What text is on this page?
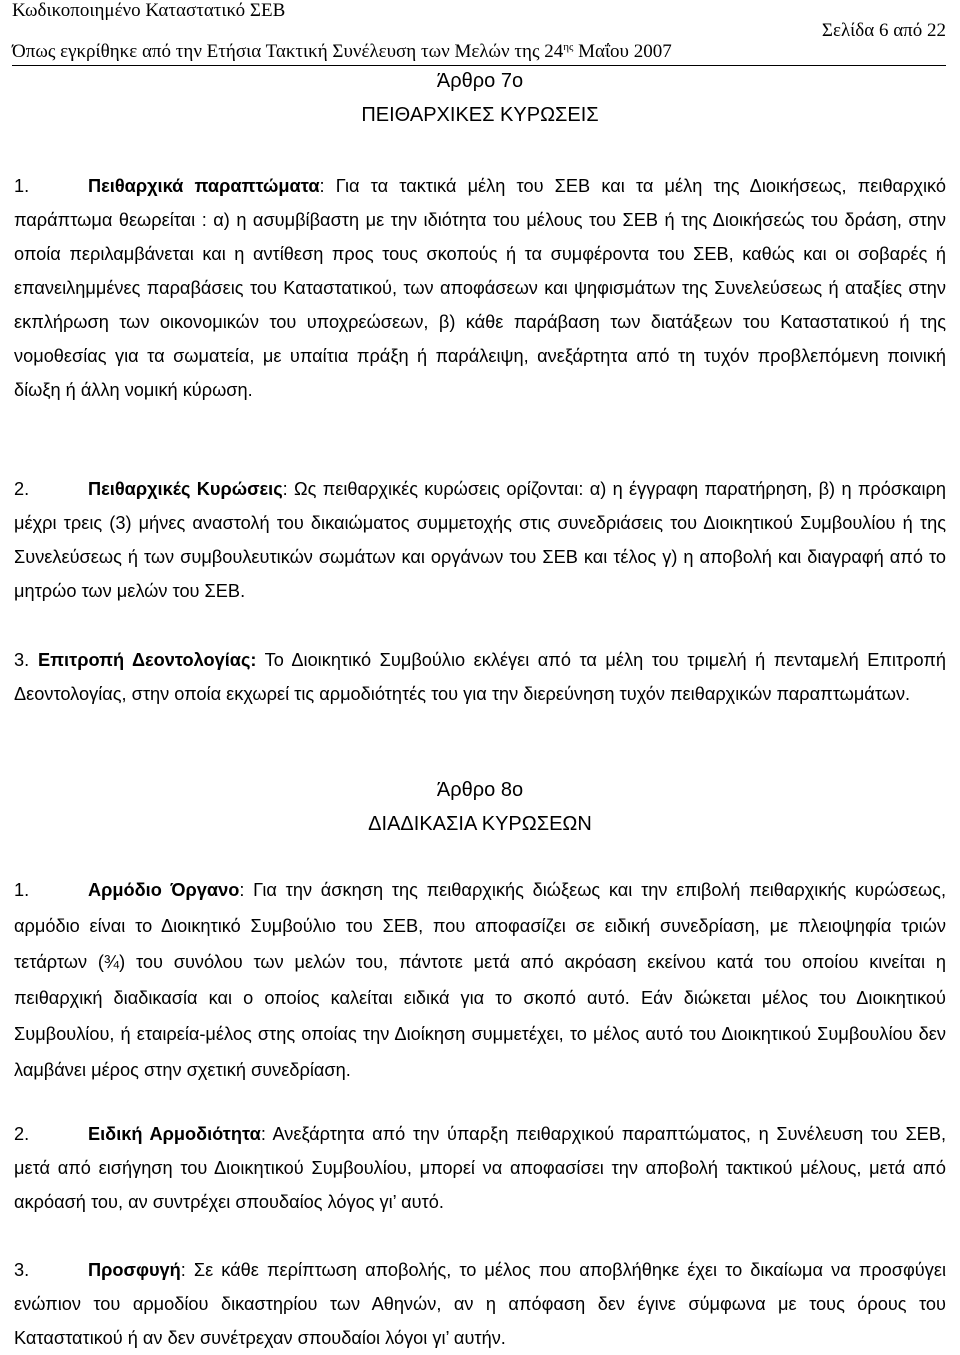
Κωδικοποιημένο Καταστατικό ΣΕΒ
Σελίδα 6 από 22
Όπως εγκρίθηκε από την Ετήσια Τακτική Συνέλευση των Μελών της $24^{\eta\varsigma}$ Μαΐου 2007
Άρθρο 7ο
ΠΕΙΘΑΡΧΙΚΕΣ ΚΥΡΩΣΕΙΣ
1.	Πειθαρχικά παραπτώματα: Για τα τακτικά μέλη του ΣΕΒ και τα μέλη της Διοικήσεως, πειθαρχικό παράπτωμα θεωρείται : α) η ασυμβίβαστη με την ιδιότητα του μέλους του ΣΕΒ ή της Διοικήσεώς του δράση, στην οποία περιλαμβάνεται και η αντίθεση προς τους σκοπούς ή τα συμφέροντα του ΣΕΒ, καθώς και οι σοβαρές ή επανειλημμένες παραβάσεις του Καταστατικού, των αποφάσεων και ψηφισμάτων της Συνελεύσεως ή αταξίες στην εκπλήρωση των οικονομικών του υποχρεώσεων, β) κάθε παράβαση των διατάξεων του Καταστατικού ή της νομοθεσίας για τα σωματεία, με υπαίτια πράξη ή παράλειψη, ανεξάρτητα από τη τυχόν προβλεπόμενη ποινική δίωξη ή άλλη νομική κύρωση.
2.	Πειθαρχικές Κυρώσεις: Ως πειθαρχικές κυρώσεις ορίζονται: α) η έγγραφη παρατήρηση, β) η πρόσκαιρη μέχρι τρεις (3) μήνες αναστολή του δικαιώματος συμμετοχής στις συνεδριάσεις του Διοικητικού Συμβουλίου ή της Συνελεύσεως ή των συμβουλευτικών σωμάτων και οργάνων του ΣΕΒ και τέλος γ) η αποβολή και διαγραφή από το μητρώο των μελών του ΣΕΒ.
3. Επιτροπή Δεοντολογίας: Το Διοικητικό Συμβούλιο εκλέγει από τα μέλη του τριμελή ή πενταμελή Επιτροπή Δεοντολογίας, στην οποία εκχωρεί τις αρμοδιότητές του για την διερεύνηση τυχόν πειθαρχικών παραπτωμάτων.
Άρθρο 8ο
ΔΙΑΔΙΚΑΣΙΑ ΚΥΡΩΣΕΩΝ
1.	Αρμόδιο Όργανο: Για την άσκηση της πειθαρχικής διώξεως και την επιβολή πειθαρχικής κυρώσεως, αρμόδιο είναι το Διοικητικό Συμβούλιο του ΣΕΒ, που αποφασίζει σε ειδική συνεδρίαση, με πλειοψηφία τριών τετάρτων (¾) του συνόλου των μελών του, πάντοτε μετά από ακρόαση εκείνου κατά του οποίου κινείται η πειθαρχική διαδικασία και ο οποίος καλείται ειδικά για το σκοπό αυτό. Εάν διώκεται μέλος του Διοικητικού Συμβουλίου, ή εταιρεία-μέλος στης οποίας την Διοίκηση συμμετέχει, το μέλος αυτό του Διοικητικού Συμβουλίου δεν λαμβάνει μέρος στην σχετική συνεδρίαση.
2.	Ειδική Αρμοδιότητα: Ανεξάρτητα από την ύπαρξη πειθαρχικού παραπτώματος, η Συνέλευση του ΣΕΒ, μετά από εισήγηση του Διοικητικού Συμβουλίου, μπορεί να αποφασίσει την αποβολή τακτικού μέλους, μετά από ακρόασή του, αν συντρέχει σπουδαίος λόγος γι’ αυτό.
3.	Προσφυγή: Σε κάθε περίπτωση αποβολής, το μέλος που αποβλήθηκε έχει το δικαίωμα να προσφύγει ενώπιον του αρμοδίου δικαστηρίου των Αθηνών, αν η απόφαση δεν έγινε σύμφωνα με τους όρους του Καταστατικού ή αν δεν συνέτρεχαν σπουδαίοι λόγοι γι’ αυτήν.
